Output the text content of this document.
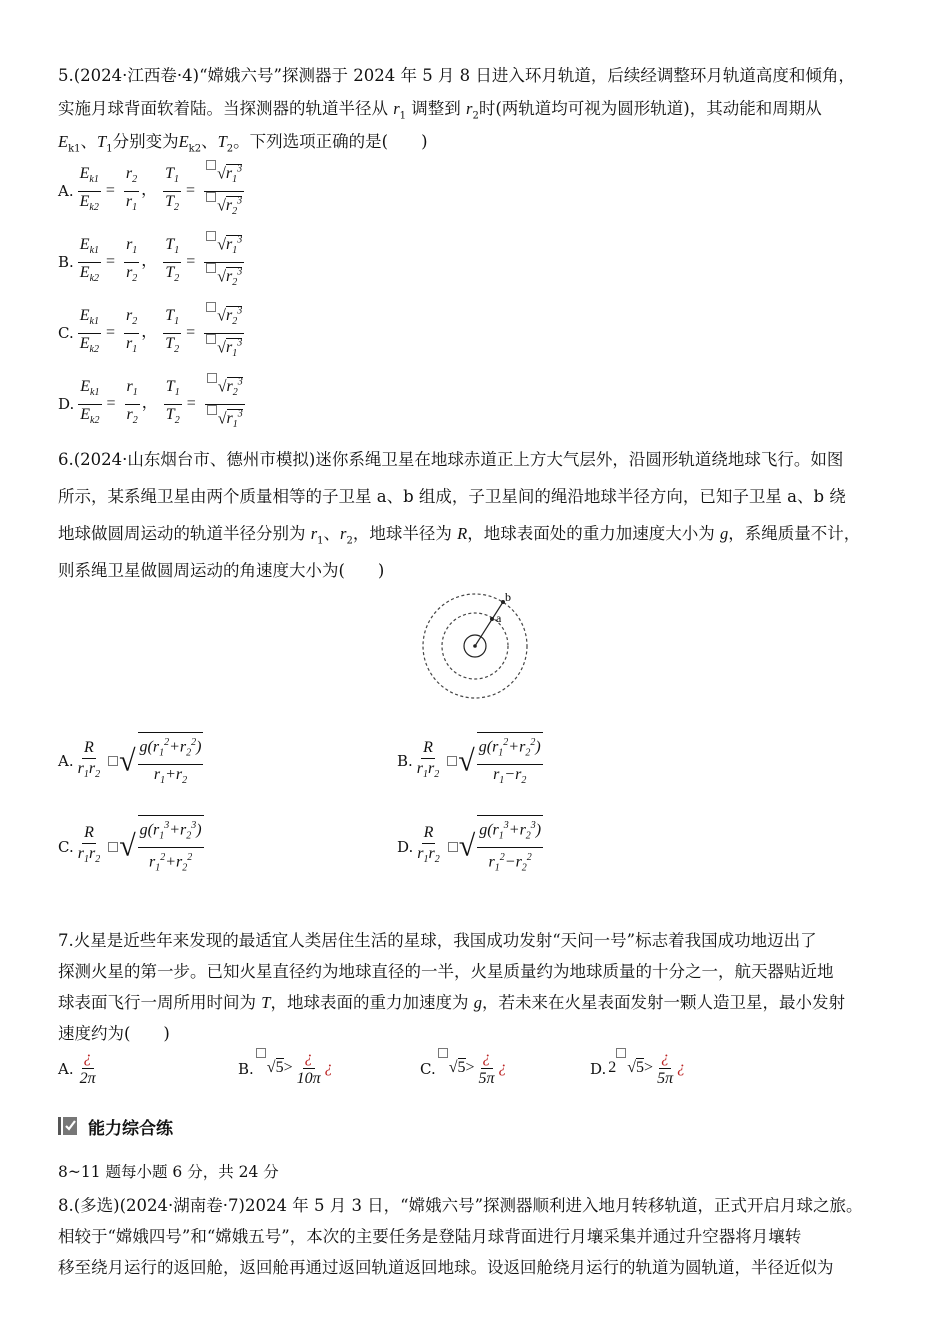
5.(2024·江西卷·4)“嫦娥六号”探测器于 2024 年 5 月 8 日进入环月轨道，后续经调整环月轨道高度和倾角，
实施月球背面软着陆。当探测器的轨道半径从 $r_1$ 调整到 $r_2$时(两轨道均可视为圆形轨道)，其动能和周期从
$E_{k1}$、$T_1$分别变为$E_{k2}$、$T_2$。下列选项正确的是(　　)
A. $\frac{E_{k1}}{E_{k2}} = \frac{r_2}{r_1}$ ， $\frac{T_1}{T_2} = \frac{√r_1^3}{√r_2^3}$
B. $\frac{E_{k1}}{E_{k2}} = \frac{r_1}{r_2}$ ， $\frac{T_1}{T_2} = \frac{√r_1^3}{√r_2^3}$
C. $\frac{E_{k1}}{E_{k2}} = \frac{r_2}{r_1}$ ， $\frac{T_1}{T_2} = \frac{√r_2^3}{√r_1^3}$
D. $\frac{E_{k1}}{E_{k2}} = \frac{r_1}{r_2}$ ， $\frac{T_1}{T_2} = \frac{√r_2^3}{√r_1^3}$
6.(2024·山东烟台市、德州市模拟)迷你系绳卫星在地球赤道正上方大气层外，沿圆形轨道绕地球飞行。如图
所示，某系绳卫星由两个质量相等的子卫星 a、b 组成，子卫星间的绳沿地球半径方向，已知子卫星 a、b 绕
地球做圆周运动的轨道半径分别为 $r_1$、$r_2$，地球半径为 R，地球表面处的重力加速度大小为 g，系绳质量不计，
则系绳卫星做圆周运动的角速度大小为(　　)
b
a
A. $\frac{R}{r_1r_2}$ √ $\frac{g(r_1^2+r_2^2)}{r_1+r_2}$	B. $\frac{R}{r_1r_2}$ √ $\frac{g(r_1^2+r_2^2)}{r_1-r_2}$
C. $\frac{R}{r_1r_2}$ √ $\frac{g(r_1^3+r_2^3)}{r_1^2+r_2^2}$	D. $\frac{R}{r_1r_2}$ √ $\frac{g(r_1^3+r_2^3)}{r_1^2-r_2^2}$
7.火星是近些年来发现的最适宜人类居住生活的星球，我国成功发射“天问一号”标志着我国成功地迈出了
探测火星的第一步。已知火星直径约为地球直径的一半，火星质量约为地球质量的十分之一，航天器贴近地
球表面飞行一周所用时间为 T，地球表面的重力加速度为 g，若未来在火星表面发射一颗人造卫星，最小发射
速度约为(　　)
A. $\frac{¿}{2\pi}$	B. $√5> \frac{¿}{10\pi}$ ¿	C. $√5> \frac{¿}{5\pi}$ ¿	D. 2 $√5> \frac{¿}{5\pi}$ ¿
能力综合练
8~11 题每小题 6 分，共 24 分
8.(多选)(2024·湖南卷·7)2024 年 5 月 3 日，“嫦娥六号”探测器顺利进入地月转移轨道，正式开启月球之旅。
相较于“嫦娥四号”和“嫦娥五号”，本次的主要任务是登陆月球背面进行月壤采集并通过升空器将月壤转
移至绕月运行的返回舱，返回舱再通过返回轨道返回地球。设返回舱绕月运行的轨道为圆轨道，半径近似为
